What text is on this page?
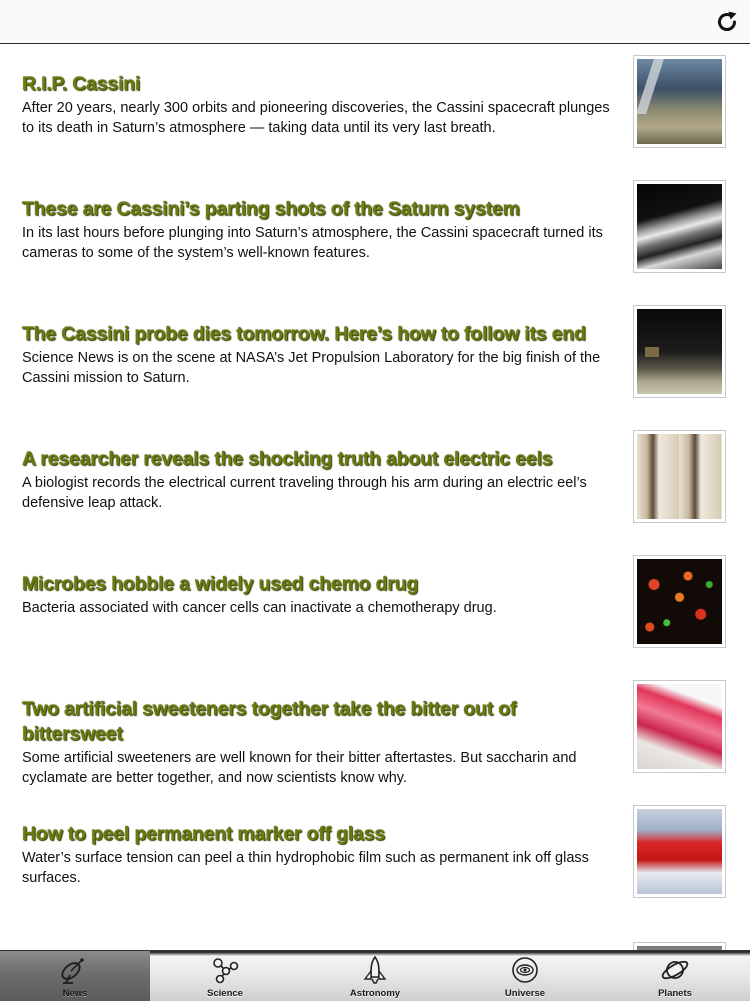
R.I.P. Cassini
After 20 years, nearly 300 orbits and pioneering discoveries, the Cassini spacecraft plunges to its death in Saturn’s atmosphere — taking data until its very last breath.
These are Cassini’s parting shots of the Saturn system
In its last hours before plunging into Saturn’s atmosphere, the Cassini spacecraft turned its cameras to some of the system’s well-known features.
The Cassini probe dies tomorrow. Here’s how to follow its end
Science News is on the scene at NASA’s Jet Propulsion Laboratory for the big finish of the Cassini mission to Saturn.
A researcher reveals the shocking truth about electric eels
A biologist records the electrical current traveling through his arm during an electric eel’s defensive leap attack.
Microbes hobble a widely used chemo drug
Bacteria associated with cancer cells can inactivate a chemotherapy drug.
Two artificial sweeteners together take the bitter out of bittersweet
Some artificial sweeteners are well known for their bitter aftertastes. But saccharin and cyclamate are better together, and now scientists know why.
How to peel permanent marker off glass
Water’s surface tension can peel a thin hydrophobic film such as permanent ink off glass surfaces.
News	Science	Astronomy	Universe	Planets
